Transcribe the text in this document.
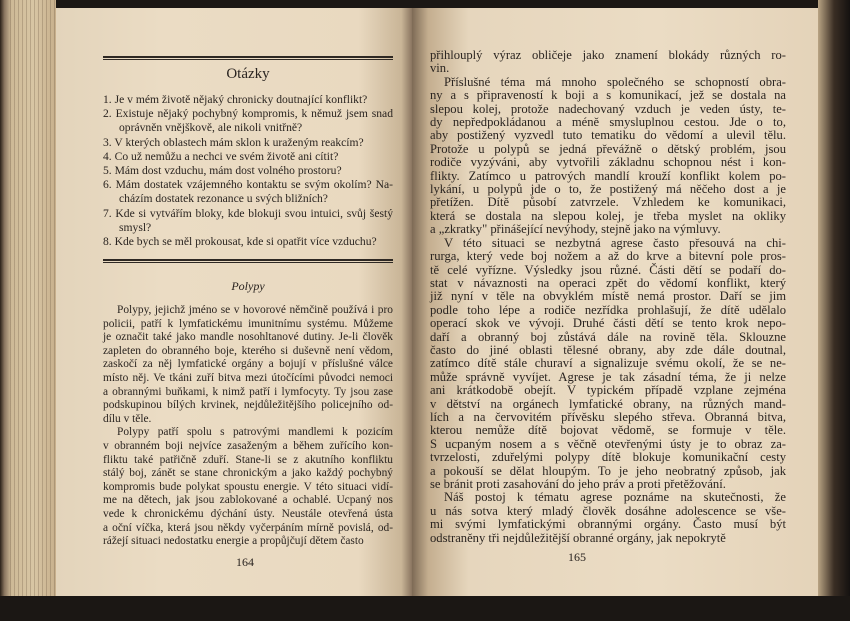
Otázky
1. Je v mém životě nějaký chronicky doutnající konflikt?
2. Existuje nějaký pochybný kompromis, k němuž jsem snad
oprávněn vnějškově, ale nikoli vnitřně?
3. V kterých oblastech mám sklon k uraženým reakcím?
4. Co už nemůžu a nechci ve svém životě ani cítit?
5. Mám dost vzduchu, mám dost volného prostoru?
6. Mám dostatek vzájemného kontaktu se svým okolím? Na-
cházím dostatek rezonance u svých bližních?
7. Kde si vytvářím bloky, kde blokuji svou intuici, svůj šestý
smysl?
8. Kde bych se měl prokousat, kde si opatřit více vzduchu?
Polypy
Polypy, jejichž jméno se v hovorové němčině používá i pro
policii, patří k lymfatickému imunitnímu systému. Můžeme
je označit také jako mandle nosohltanové dutiny. Je-li člověk
zapleten do obranného boje, kterého si duševně není vědom,
zaskočí za něj lymfatické orgány a bojují v příslušné válce
místo něj. Ve tkáni zuří bitva mezi útočícími původci nemoci
a obrannými buňkami, k nimž patří i lymfocyty. Ty jsou zase
podskupinou bílých krvinek, nejdůležitějšího policejního od-
dílu v těle.
Polypy patří spolu s patrovými mandlemi k pozicím
v obranném boji nejvíce zasaženým a během zuřícího kon-
fliktu také patřičně zduří. Stane-li se z akutního konfliktu
stálý boj, zánět se stane chronickým a jako každý pochybný
kompromis bude polykat spoustu energie. V této situaci vidí-
me na dětech, jak jsou zablokované a ochablé. Ucpaný nos
vede k chronickému dýchání ústy. Neustále otevřená ústa
a oční víčka, která jsou někdy vyčerpáním mírně povislá, od-
rážejí situaci nedostatku energie a propůjčují dětem často
164
přihlouplý výraz obličeje jako znamení blokády různých ro-
vin.
Příslušné téma má mnoho společného se schopností obra-
ny a s připraveností k boji a s komunikací, jež se dostala na
slepou kolej, protože nadechovaný vzduch je veden ústy, te-
dy nepředpokládanou a méně smysluplnou cestou. Jde o to,
aby postižený vyzvedl tuto tematiku do vědomí a ulevil tělu.
Protože u polypů se jedná převážně o dětský problém, jsou
rodiče vyzýváni, aby vytvořili základnu schopnou nést i kon-
flikty. Zatímco u patrových mandlí krouží konflikt kolem po-
lykání, u polypů jde o to, že postižený má něčeho dost a je
přetížen. Dítě působí zatvrzele. Vzhledem ke komunikaci,
která se dostala na slepou kolej, je třeba myslet na okliky
a „zkratky" přinášející nevýhody, stejně jako na výmluvy.
V této situaci se nezbytná agrese často přesouvá na chi-
rurga, který vede boj nožem a až do krve a bitevní pole pros-
tě celé vyřízne. Výsledky jsou různé. Části dětí se podaří do-
stat v návaznosti na operaci zpět do vědomí konflikt, který
již nyní v těle na obvyklém místě nemá prostor. Daří se jim
podle toho lépe a rodiče nezřídka prohlašují, že dítě udělalo
operací skok ve vývoji. Druhé části dětí se tento krok nepo-
daří a obranný boj zůstává dále na rovině těla. Sklouzne
často do jiné oblasti tělesné obrany, aby zde dále doutnal,
zatímco dítě stále churaví a signalizuje svému okolí, že se ne-
může správně vyvíjet. Agrese je tak zásadní téma, že ji nelze
ani krátkodobě obejít. V typickém případě vzplane zejména
v dětství na orgánech lymfatické obrany, na různých mand-
lích a na červovitém přívěsku slepého střeva. Obranná bitva,
kterou nemůže dítě bojovat vědomě, se formuje v těle.
S ucpaným nosem a s věčně otevřenými ústy je to obraz za-
tvrzelosti, zduřelými polypy dítě blokuje komunikační cesty
a pokouší se dělat hloupým. To je jeho neobratný způsob, jak
se bránit proti zasahování do jeho práv a proti přetěžování.
Náš postoj k tématu agrese poznáme na skutečnosti, že
u nás sotva který mladý člověk dosáhne adolescence se vše-
mi svými lymfatickými obrannými orgány. Často musí být
odstraněny tři nejdůležitější obranné orgány, jak nepokrytě
165
